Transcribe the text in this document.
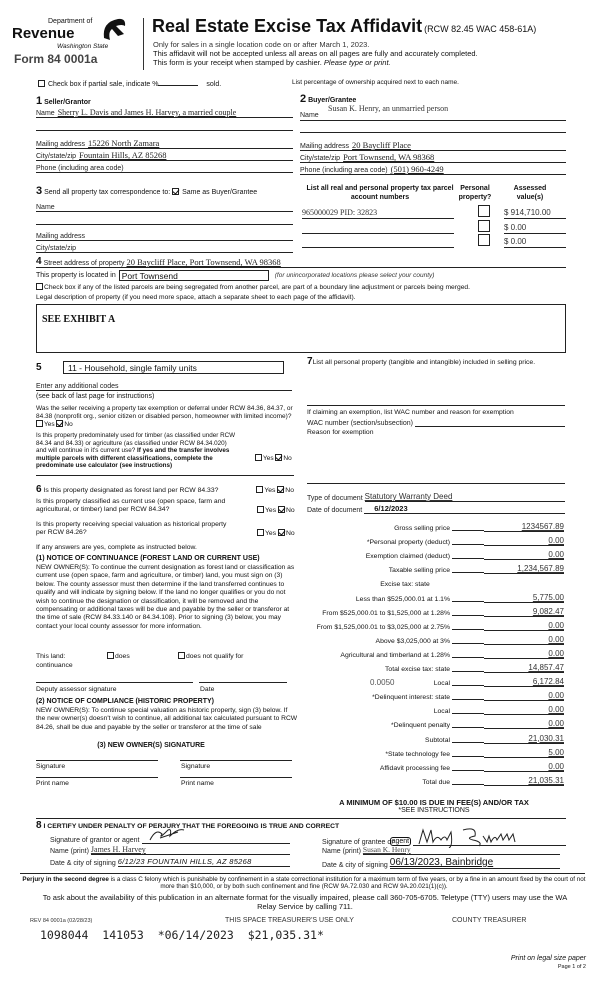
Department of
Revenue
Washington State
Form 84 0001a
Real Estate Excise Tax Affidavit (RCW 82.45 WAC 458-61A)
Only for sales in a single location code on or after March 1, 2023.
This affidavit will not be accepted unless all areas on all pages are fully and accurately completed.
This form is your receipt when stamped by cashier. Please type or print.
Check box if partial sale, indicate %	sold.	List percentage of ownership acquired next to each name.
1 Seller/Grantor
Name Sherry L. Davis and James H. Harvey, a married couple
Mailing address 15226 North Zamara
City/state/zip Fountain Hills, AZ 85268
Phone (including area code)
3 Send all property tax correspondence to: Same as Buyer/Grantee
Name
Mailing address
City/state/zip
2 Buyer/Grantee
Name
Susan K. Henry, an unmarried person
Mailing address 20 Baycliff Place
City/state/zip Port Townsend, WA 98368
Phone (including area code) (501) 960-4249
List all real and personal property tax parcel account numbers
Personal property?
Assessed value(s)
965000029 PID: 32823	$ 914,710.00
$ 0.00
$ 0.00
4 Street address of property 20 Baycliff Place, Port Townsend, WA 98368
This property is located in Port Townsend	(for unincorporated locations please select your county)
Check box if any of the listed parcels are being segregated from another parcel, are part of a boundary line adjustment or parcels being merged.
Legal description of property (if you need more space, attach a separate sheet to each page of the affidavit).
SEE EXHIBIT A
5	11 - Household, single family units
Enter any additional codes
(see back of last page for instructions)
Was the seller receiving a property tax exemption or deferral under RCW 84.36, 84.37, or 84.38 (nonprofit org., senior citizen or disabled person, homeowner with limited income)? Yes No
Is this property predominately used for timber (as classified under RCW 84.34 and 84.33) or agriculture (as classified under RCW 84.34.020) and will continue in it's current use? If yes and the transfer involves multiple parcels with different classifications, complete the predominate use calculator (see instructions)
Yes No
6 Is this property designated as forest land per RCW 84.33?	Yes No
Is this property classified as current use (open space, farm and agricultural, or timber) land per RCW 84.34?	Yes No
Is this property receiving special valuation as historical property per RCW 84.26?	Yes No
If any answers are yes, complete as instructed below.
(1) NOTICE OF CONTINUANCE (FOREST LAND OR CURRENT USE)
NEW OWNER(S): To continue the current designation as forest land or classification as current use (open space, farm and agriculture, or timber) land, you must sign on (3) below. The county assessor must then determine if the land transferred continues to qualify and will indicate by signing below. If the land no longer qualifies or you do not wish to continue the designation or classification, it will be removed and the compensating or additional taxes will be due and payable by the seller or transferor at the time of sale (RCW 84.33.140 or 84.34.108). Prior to signing (3) below, you may contact your local county assessor for more information.
This land:
continuance
does	does not qualify for
Deputy assessor signature	Date
(2) NOTICE OF COMPLIANCE (HISTORIC PROPERTY)
NEW OWNER(S): To continue special valuation as historic property, sign (3) below. If the new owner(s) doesn't wish to continue, all additional tax calculated pursuant to RCW 84.26, shall be due and payable by the seller or transferor at the time of sale
(3) NEW OWNER(S) SIGNATURE
Signature	Signature
Print name	Print name
7List all personal property (tangible and intangible) included in selling price.
If claiming an exemption, list WAC number and reason for exemption
WAC number (section/subsection)
Reason for exemption
Type of document Statutory Warranty Deed
Date of document	6/12/2023
Gross selling price	1234567.89
*Personal property (deduct)	0.00
Exemption claimed (deduct)	0.00
Taxable selling price	1,234,567.89
Excise tax: state
Less than $525,000.01 at 1.1%	5,775.00
From $525,000.01 to $1,525,000 at 1.28%	9,082.47
From $1,525,000.01 to $3,025,000 at 2.75%	0.00
Above $3,025,000 at 3%	0.00
Agricultural and timberland at 1.28%	0.00
Total excise tax: state	14,857.47
Local
0.0050	6,172.84
*Delinquent interest: state	0.00
Local	0.00
*Delinquent penalty	0.00
Subtotal	21,030.31
*State technology fee	5.00
Affidavit processing fee	0.00
Total due	21,035.31
A MINIMUM OF $10.00 IS DUE IN FEE(S) AND/OR TAX
*SEE INSTRUCTIONS
8 I CERTIFY UNDER PENALTY OF PERJURY THAT THE FOREGOING IS TRUE AND CORRECT
Signature of grantor or agent
Name (print) James H. Harvey
Date & city of signing 6/12/23 FOUNTAIN HILLS, AZ 85268
Signature of grantee or
agent
Name (print) Susan K. Henry
Date & city of signing 06/13/2023, Bainbridge
Perjury in the second degree is a class C felony which is punishable by confinement in a state correctional institution for a maximum term of five years, or by a fine in an amount fixed by the court of not more than $10,000, or by both such confinement and fine (RCW 9A.72.030 and RCW 9A.20.021(1)(c)).
To ask about the availability of this publication in an alternate format for the visually impaired, please call 360-705-6705. Teletype (TTY) users may use the WA Relay Service by calling 711.
REV 84 0001a (02/28/23)	THIS SPACE TREASURER'S USE ONLY	COUNTY TREASURER
1098044  141053  *06/14/2023  $21,035.31*
Print on legal size paper
Page 1 of 2
